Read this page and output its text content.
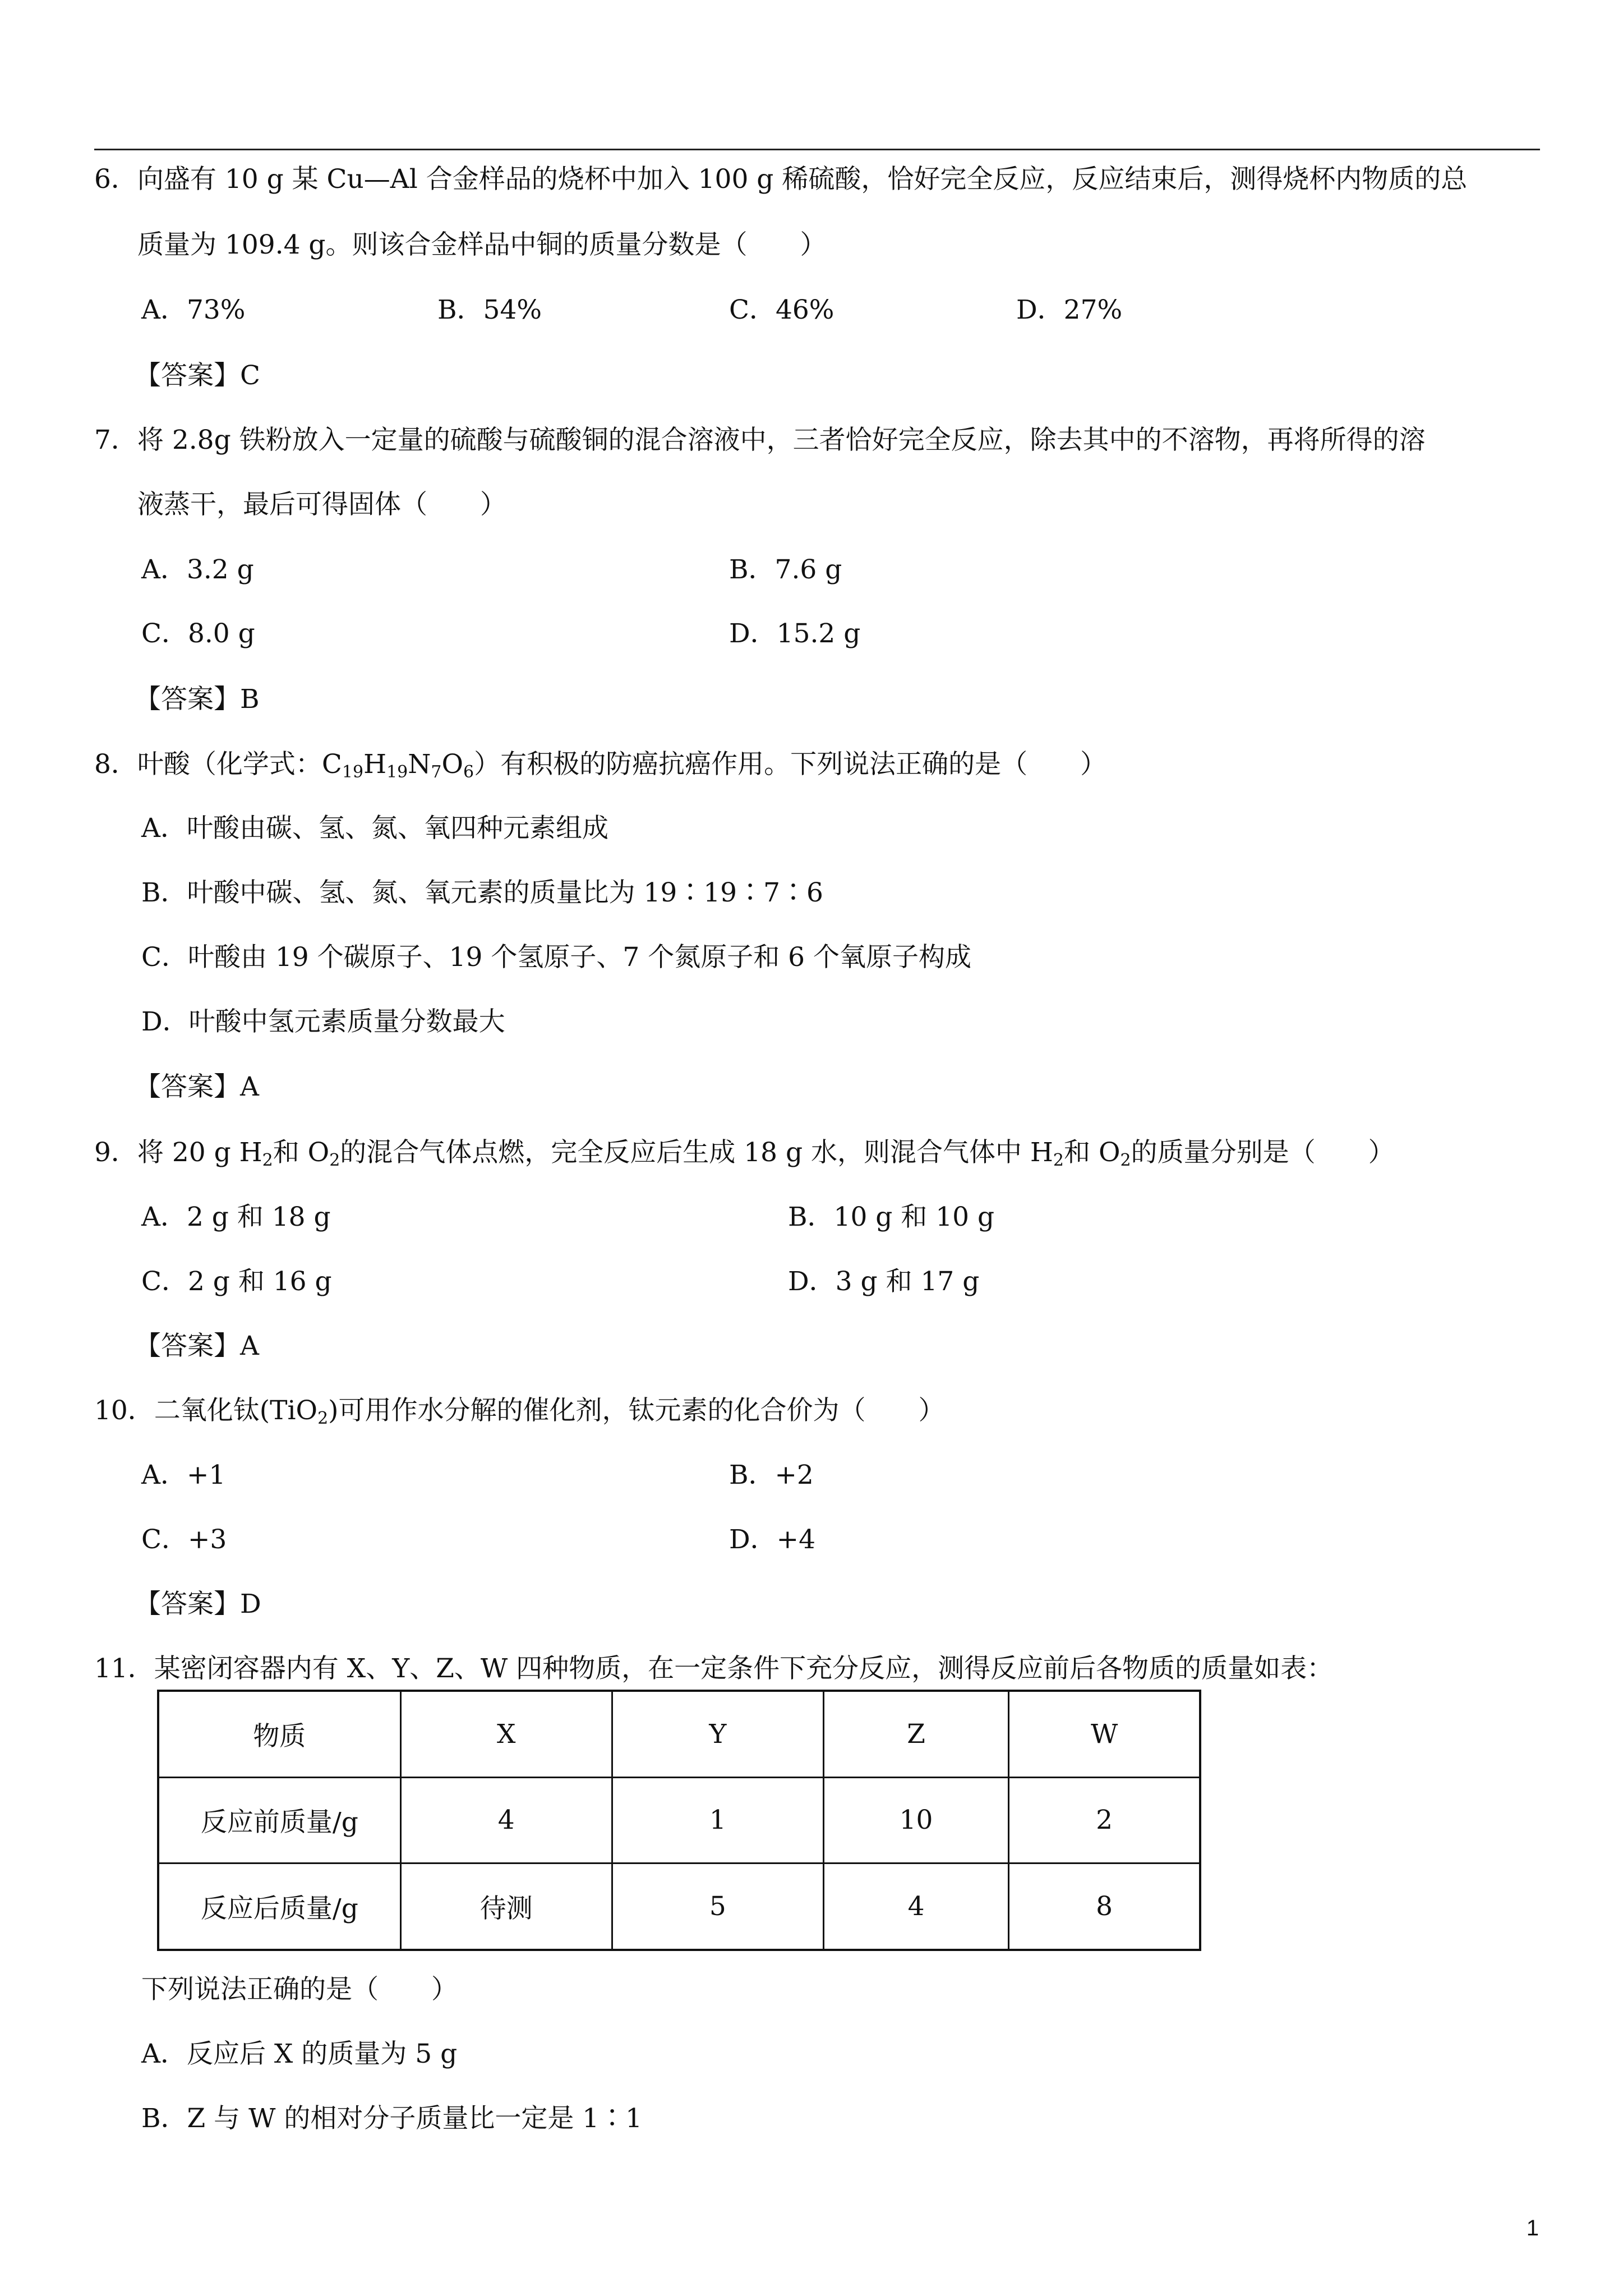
6．向盛有 10 g 某 Cu—Al 合金样品的烧杯中加入 100 g 稀硫酸，恰好完全反应，反应结束后，测得烧杯内物质的总
质量为 109.4 g。则该合金样品中铜的质量分数是（　　）
A．73%	B．54%	C．46%	D．27%
【答案】C
7．将 2.8g 铁粉放入一定量的硫酸与硫酸铜的混合溶液中，三者恰好完全反应，除去其中的不溶物，再将所得的溶
液蒸干，最后可得固体（　　）
A．3.2 g	B．7.6 g
C．8.0 g	D．15.2 g
【答案】B
8．叶酸（化学式：$C_{19}H_{19}N_7O_6$）有积极的防癌抗癌作用。下列说法正确的是（　　）
A．叶酸由碳、氢、氮、氧四种元素组成
B．叶酸中碳、氢、氮、氧元素的质量比为 19∶19∶7∶6
C．叶酸由 19 个碳原子、19 个氢原子、7 个氮原子和 6 个氧原子构成
D．叶酸中氢元素质量分数最大
【答案】A
9．将 20 g $H_2$和 $O_2$的混合气体点燃，完全反应后生成 18 g 水，则混合气体中 $H_2$和 $O_2$的质量分别是（　　）
A．2 g 和 18 g	B．10 g 和 10 g
C．2 g 和 16 g	D．3 g 和 17 g
【答案】A
10．二氧化钛(TiO$_2$)可用作水分解的催化剂，钛元素的化合价为（　　）
A．+1	B．+2
C．+3	D．+4
【答案】D
11．某密闭容器内有 X、Y、Z、W 四种物质，在一定条件下充分反应，测得反应前后各物质的质量如表：
物质	X	Y	Z	W
反应前质量/g	4	1	10	2
反应后质量/g	待测	5	4	8
下列说法正确的是（　　）
A．反应后 X 的质量为 5 g
B．Z 与 W 的相对分子质量比一定是 1∶1
1
